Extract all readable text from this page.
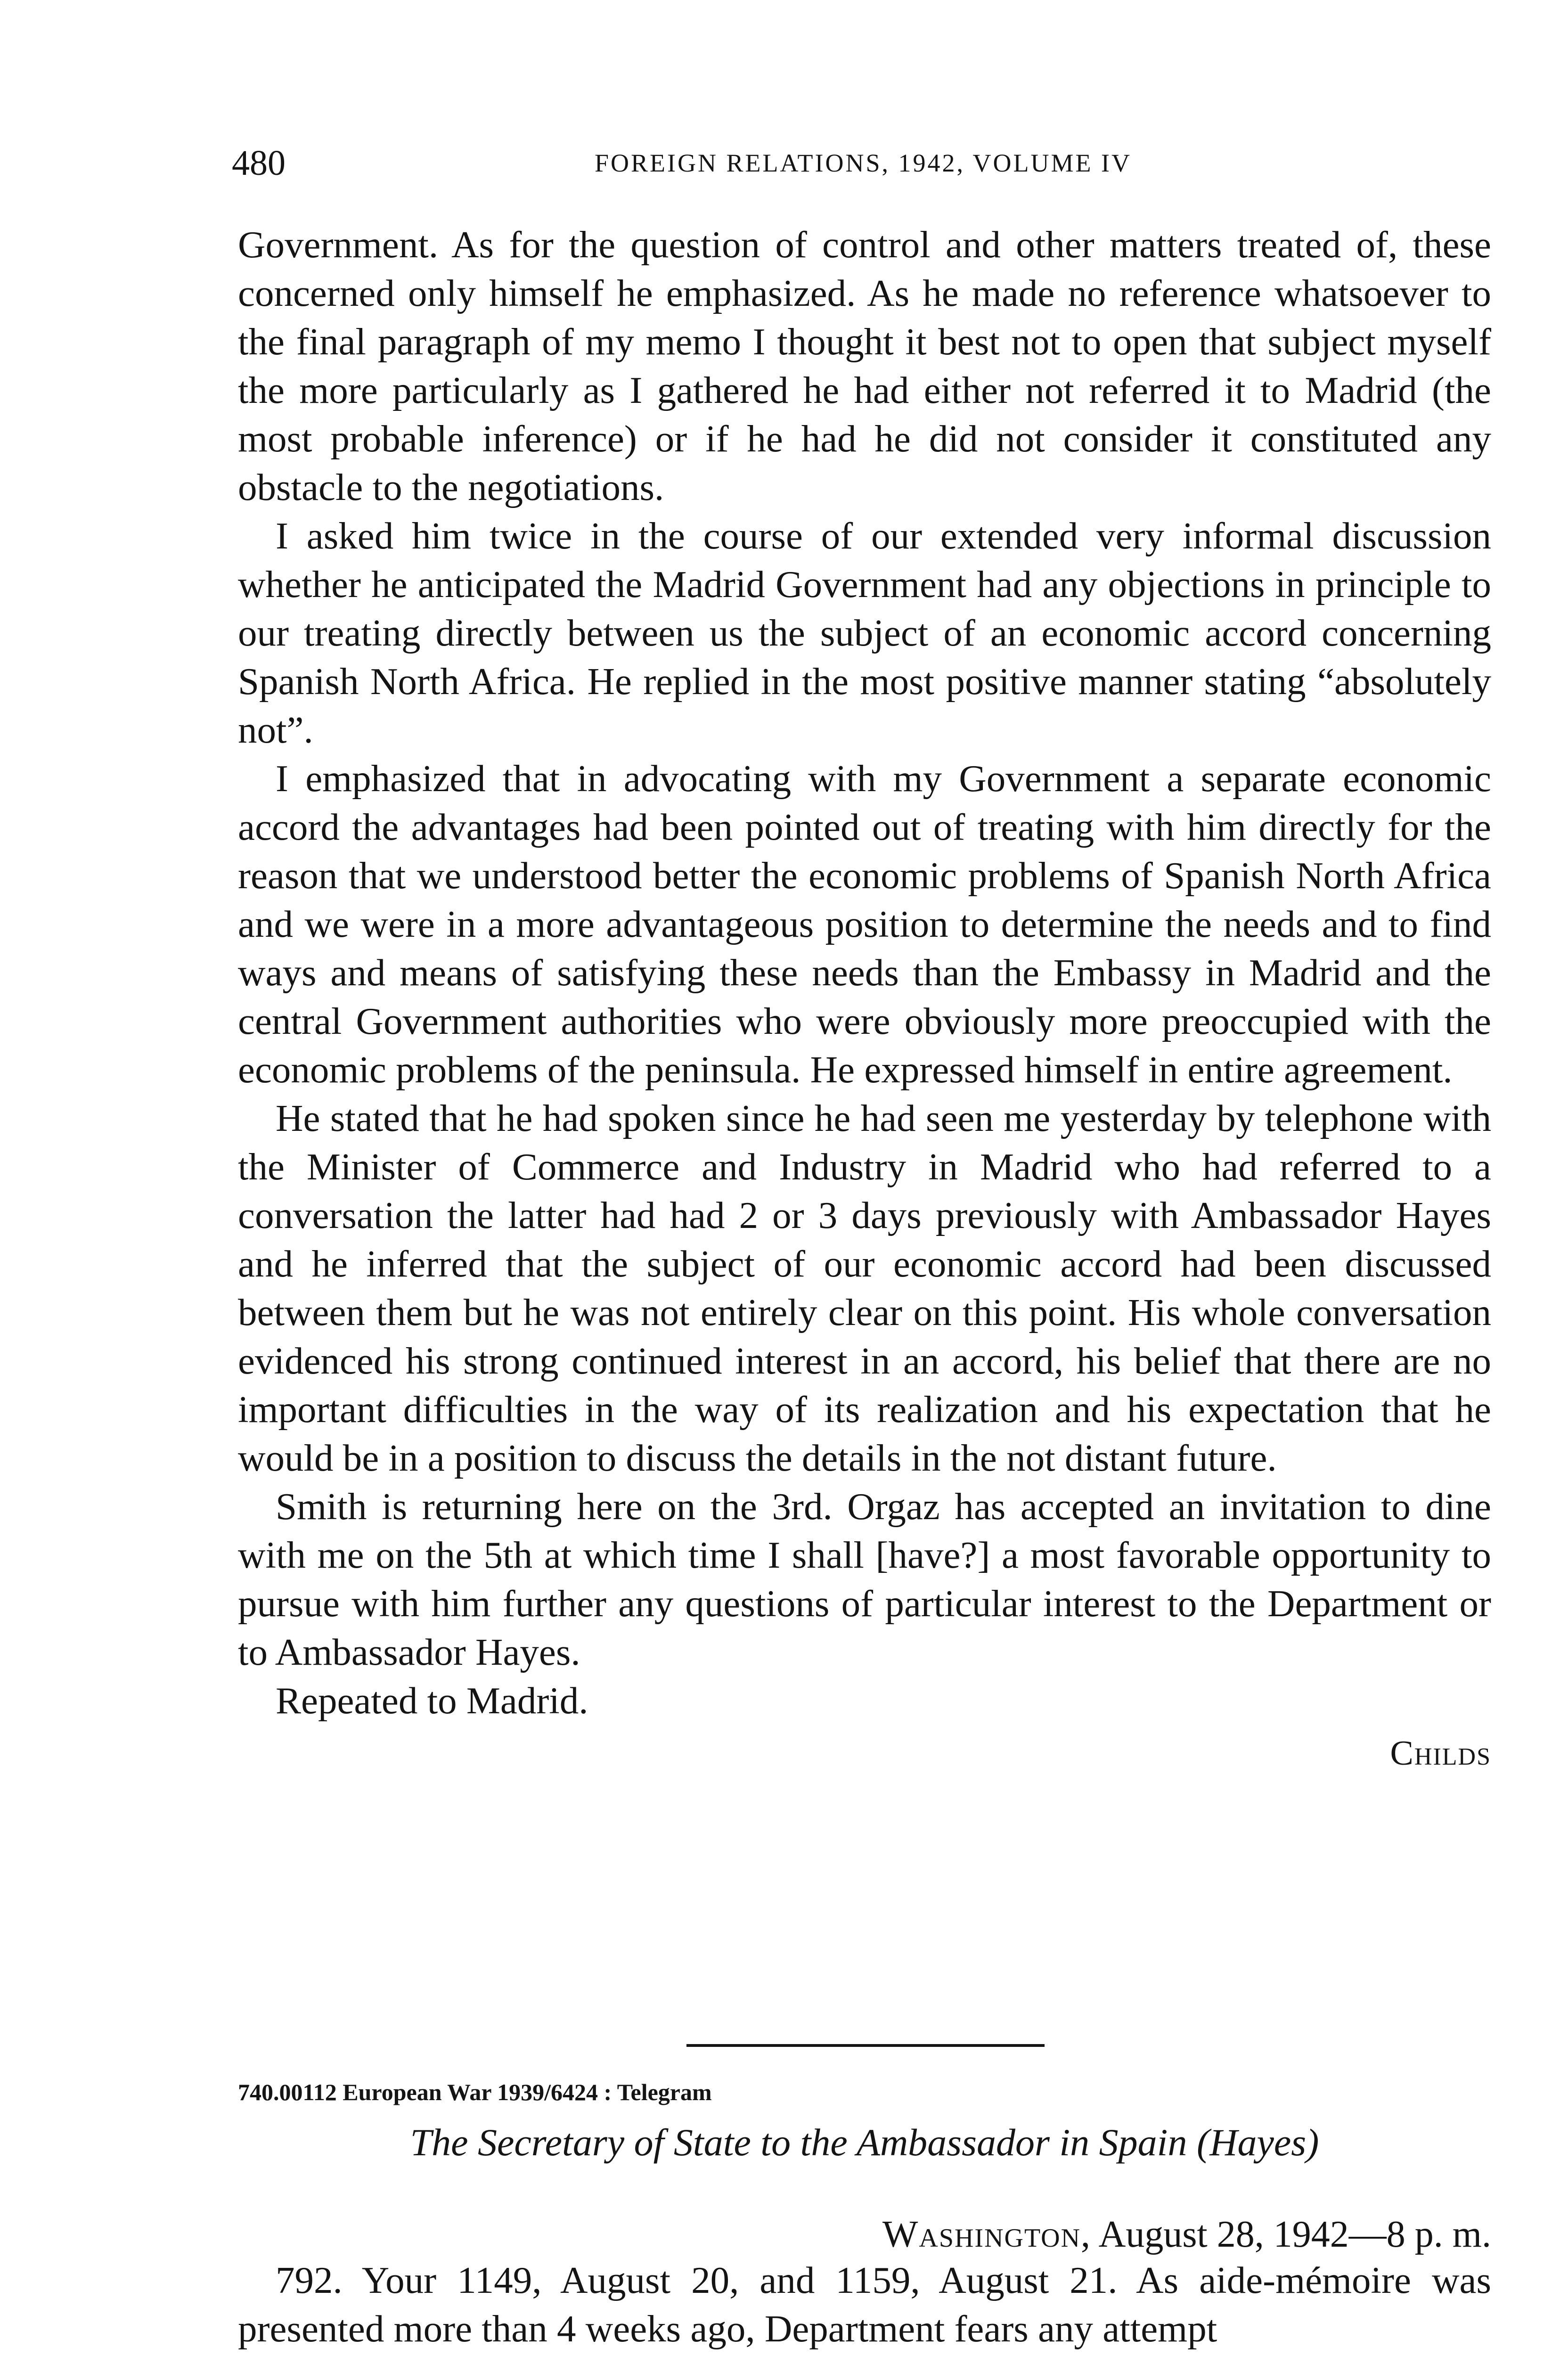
480	FOREIGN RELATIONS, 1942, VOLUME IV

Government. As for the question of control and other matters treated of, these concerned only himself he emphasized. As he made no reference whatsoever to the final paragraph of my memo I thought it best not to open that subject myself the more particularly as I gathered he had either not referred it to Madrid (the most probable inference) or if he had he did not consider it constituted any obstacle to the negotiations.

I asked him twice in the course of our extended very informal discussion whether he anticipated the Madrid Government had any objections in principle to our treating directly between us the subject of an economic accord concerning Spanish North Africa. He replied in the most positive manner stating “absolutely not”.

I emphasized that in advocating with my Government a separate economic accord the advantages had been pointed out of treating with him directly for the reason that we understood better the economic problems of Spanish North Africa and we were in a more advantageous position to determine the needs and to find ways and means of satisfying these needs than the Embassy in Madrid and the central Government authorities who were obviously more preoccupied with the economic problems of the peninsula. He expressed himself in entire agreement.

He stated that he had spoken since he had seen me yesterday by telephone with the Minister of Commerce and Industry in Madrid who had referred to a conversation the latter had had 2 or 3 days previously with Ambassador Hayes and he inferred that the subject of our economic accord had been discussed between them but he was not entirely clear on this point. His whole conversation evidenced his strong continued interest in an accord, his belief that there are no important difficulties in the way of its realization and his expectation that he would be in a position to discuss the details in the not distant future.

Smith is returning here on the 3rd. Orgaz has accepted an invitation to dine with me on the 5th at which time I shall [have?] a most favorable opportunity to pursue with him further any questions of particular interest to the Department or to Ambassador Hayes.

Repeated to Madrid.

Childs
740.00112 European War 1939/6424 : Telegram
The Secretary of State to the Ambassador in Spain (Hayes)
Washington, August 28, 1942—8 p. m.

792. Your 1149, August 20, and 1159, August 21. As aide-mémoire was presented more than 4 weeks ago, Department fears any attempt
